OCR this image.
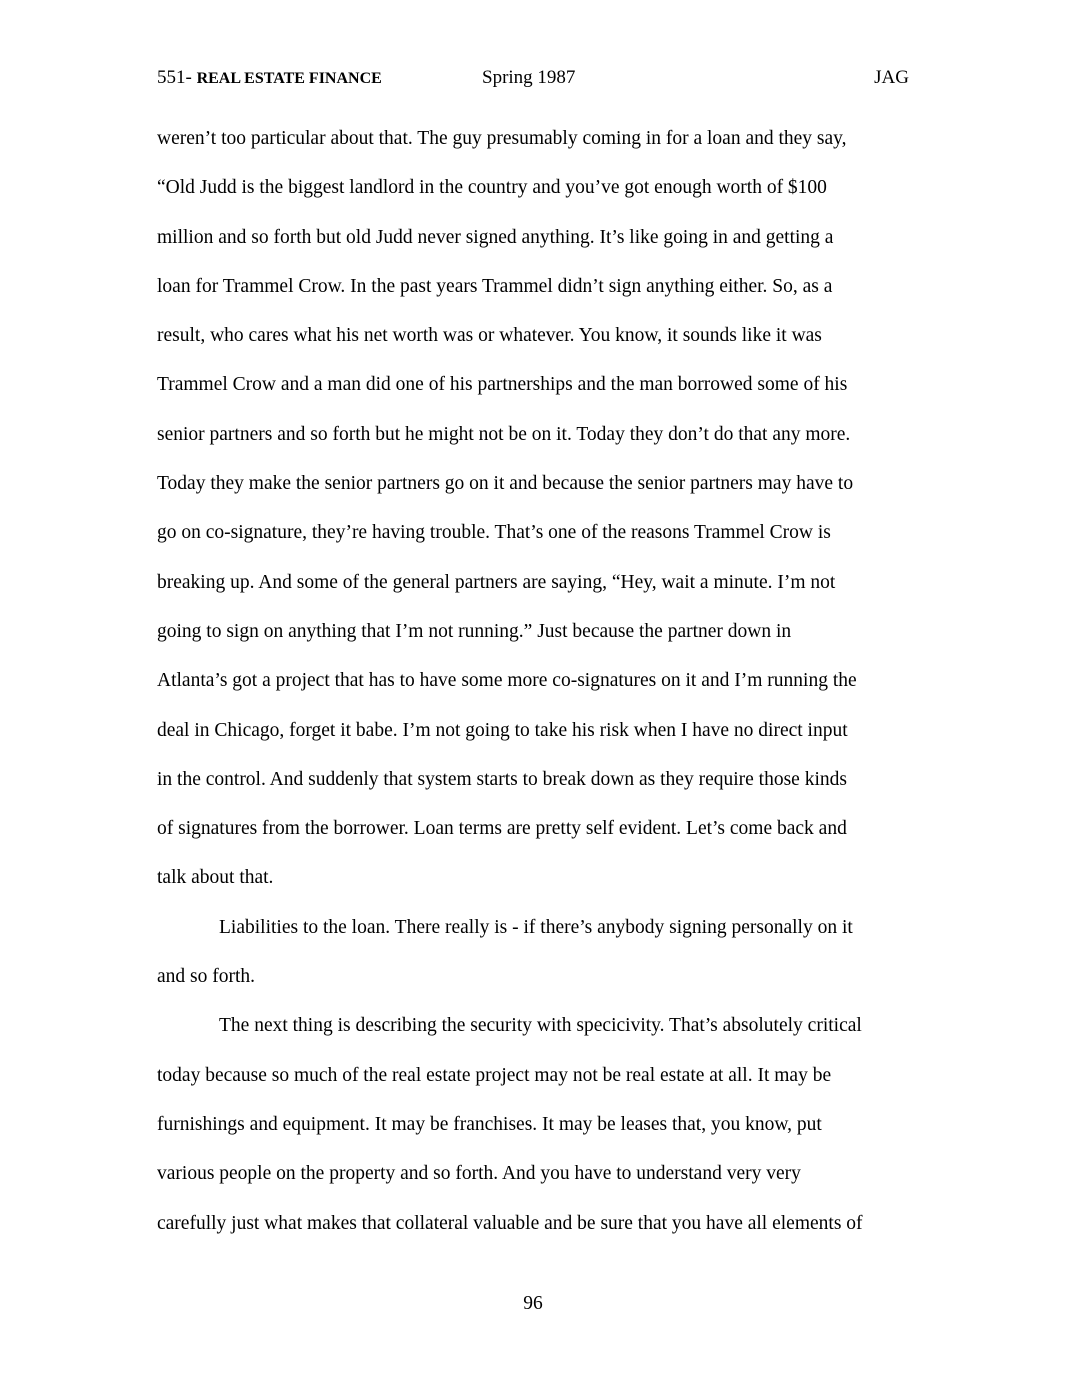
551- REAL ESTATE FINANCE	Spring 1987	JAG
weren’t too particular about that. The guy presumably coming in for a loan and they say,
“Old Judd is the biggest landlord in the country and you’ve got enough worth of $100
million and so forth but old Judd never signed anything. It’s like going in and getting a
loan for Trammel Crow. In the past years Trammel didn’t sign anything either. So, as a
result, who cares what his net worth was or whatever. You know, it sounds like it was
Trammel Crow and a man did one of his partnerships and the man borrowed some of his
senior partners and so forth but he might not be on it. Today they don’t do that any more.
Today they make the senior partners go on it and because the senior partners may have to
go on co-signature, they’re having trouble. That’s one of the reasons Trammel Crow is
breaking up. And some of the general partners are saying, “Hey, wait a minute. I’m not
going to sign on anything that I’m not running.” Just because the partner down in
Atlanta’s got a project that has to have some more co-signatures on it and I’m running the
deal in Chicago, forget it babe. I’m not going to take his risk when I have no direct input
in the control. And suddenly that system starts to break down as they require those kinds
of signatures from the borrower. Loan terms are pretty self evident. Let’s come back and
talk about that.
Liabilities to the loan. There really is - if there’s anybody signing personally on it
and so forth.
The next thing is describing the security with specicivity. That’s absolutely critical
today because so much of the real estate project may not be real estate at all. It may be
furnishings and equipment. It may be franchises. It may be leases that, you know, put
various people on the property and so forth. And you have to understand very very
carefully just what makes that collateral valuable and be sure that you have all elements of
96
